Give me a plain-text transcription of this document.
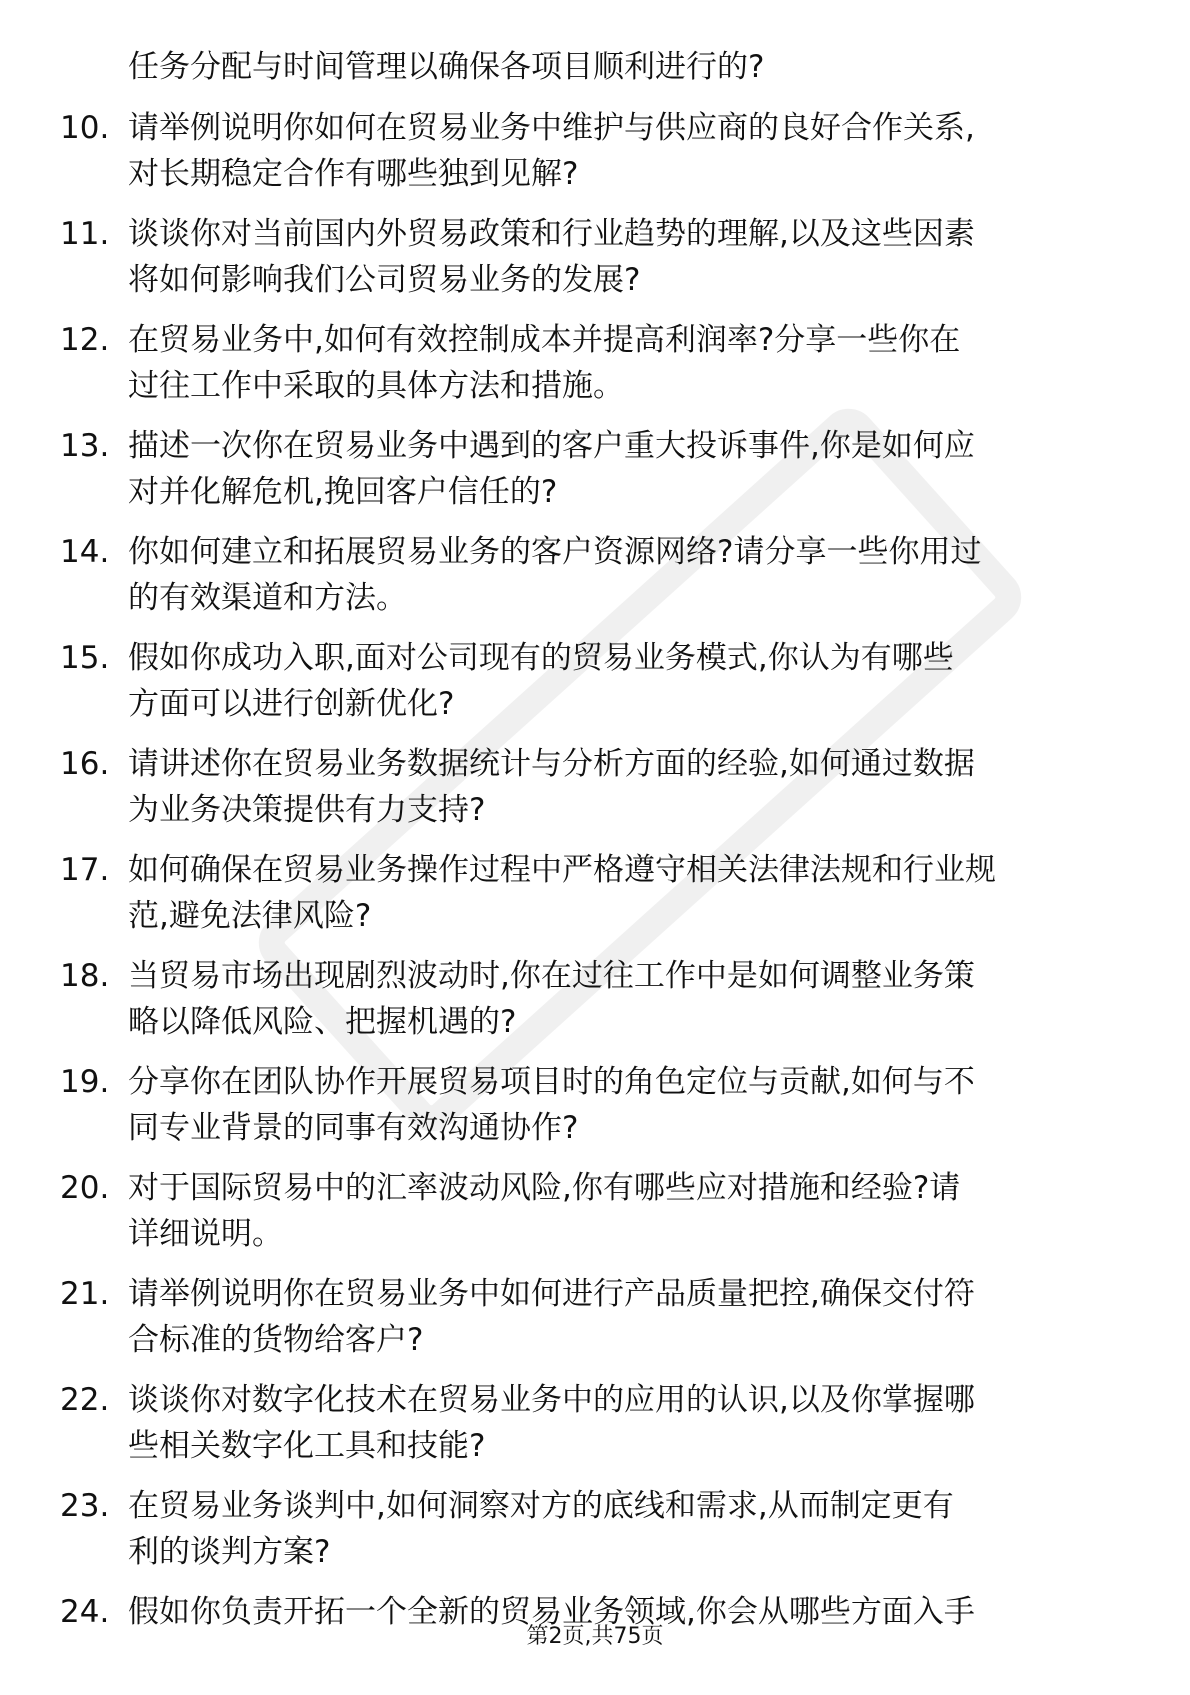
任务分配与时间管理以确保各项目顺利进行的?
10. 请举例说明你如何在贸易业务中维护与供应商的良好合作关系,
对长期稳定合作有哪些独到见解?
11. 谈谈你对当前国内外贸易政策和行业趋势的理解,以及这些因素
将如何影响我们公司贸易业务的发展?
12. 在贸易业务中,如何有效控制成本并提高利润率?分享一些你在
过往工作中采取的具体方法和措施。
13. 描述一次你在贸易业务中遇到的客户重大投诉事件,你是如何应
对并化解危机,挽回客户信任的?
14. 你如何建立和拓展贸易业务的客户资源网络?请分享一些你用过
的有效渠道和方法。
15. 假如你成功入职,面对公司现有的贸易业务模式,你认为有哪些
方面可以进行创新优化?
16. 请讲述你在贸易业务数据统计与分析方面的经验,如何通过数据
为业务决策提供有力支持?
17. 如何确保在贸易业务操作过程中严格遵守相关法律法规和行业规
范,避免法律风险?
18. 当贸易市场出现剧烈波动时,你在过往工作中是如何调整业务策
略以降低风险、把握机遇的?
19. 分享你在团队协作开展贸易项目时的角色定位与贡献,如何与不
同专业背景的同事有效沟通协作?
20. 对于国际贸易中的汇率波动风险,你有哪些应对措施和经验?请
详细说明。
21. 请举例说明你在贸易业务中如何进行产品质量把控,确保交付符
合标准的货物给客户?
22. 谈谈你对数字化技术在贸易业务中的应用的认识,以及你掌握哪
些相关数字化工具和技能?
23. 在贸易业务谈判中,如何洞察对方的底线和需求,从而制定更有
利的谈判方案?
24. 假如你负责开拓一个全新的贸易业务领域,你会从哪些方面入手
第2页,共75页
